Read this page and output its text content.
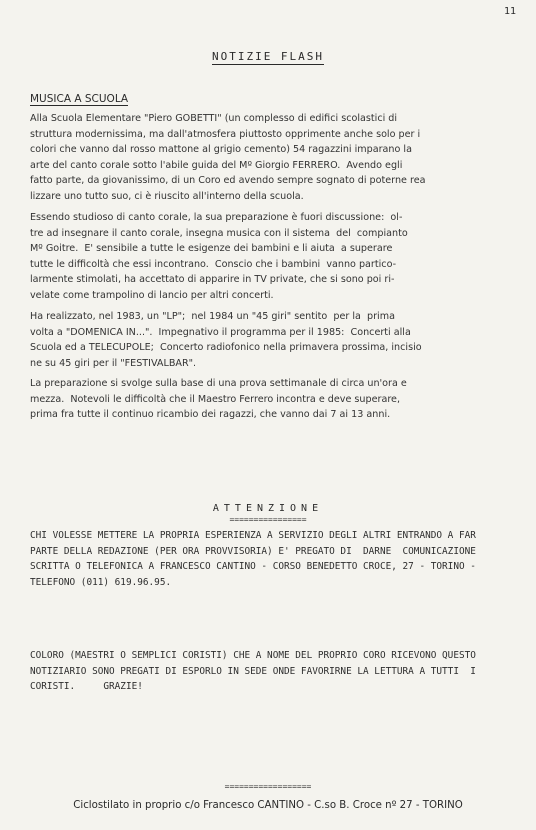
11
NOTIZIE FLASH
MUSICA A SCUOLA
Alla Scuola Elementare "Piero GOBETTI" (un complesso di edifici scolastici di
struttura modernissima, ma dall'atmosfera piuttosto opprimente anche solo per i
colori che vanno dal rosso mattone al grigio cemento) 54 ragazzini imparano la
arte del canto corale sotto l'abile guida del Mº Giorgio FERRERO.  Avendo egli
fatto parte, da giovanissimo, di un Coro ed avendo sempre sognato di poterne rea
lizzare uno tutto suo, ci è riuscito all'interno della scuola.
Essendo studioso di canto corale, la sua preparazione è fuori discussione:  ol-
tre ad insegnare il canto corale, insegna musica con il sistema  del  compianto
Mº Goitre.  E' sensibile a tutte le esigenze dei bambini e li aiuta  a superare
tutte le difficoltà che essi incontrano.  Conscio che i bambini  vanno partico-
larmente stimolati, ha accettato di apparire in TV private, che si sono poi ri-
velate come trampolino di lancio per altri concerti.
Ha realizzato, nel 1983, un "LP";  nel 1984 un "45 giri" sentito  per la  prima
volta a "DOMENICA IN...".  Impegnativo il programma per il 1985:  Concerti alla
Scuola ed a TELECUPOLE;  Concerto radiofonico nella primavera prossima, incisio
ne su 45 giri per il "FESTIVALBAR".
La preparazione si svolge sulla base di una prova settimanale di circa un'ora e
mezza.  Notevoli le difficoltà che il Maestro Ferrero incontra e deve superare,
prima fra tutte il continuo ricambio dei ragazzi, che vanno dai 7 ai 13 anni.
ATTENZIONE
================
CHI VOLESSE METTERE LA PROPRIA ESPERIENZA A SERVIZIO DEGLI ALTRI ENTRANDO A FAR
PARTE DELLA REDAZIONE (PER ORA PROVVISORIA) E' PREGATO DI  DARNE  COMUNICAZIONE
SCRITTA O TELEFONICA A FRANCESCO CANTINO - CORSO BENEDETTO CROCE, 27 - TORINO -
TELEFONO (011) 619.96.95.
COLORO (MAESTRI O SEMPLICI CORISTI) CHE A NOME DEL PROPRIO CORO RICEVONO QUESTO
NOTIZIARIO SONO PREGATI DI ESPORLO IN SEDE ONDE FAVORIRNE LA LETTURA A TUTTI  I
CORISTI.     GRAZIE!
==================
Ciclostilato in proprio c/o Francesco CANTINO - C.so B. Croce nº 27 - TORINO
